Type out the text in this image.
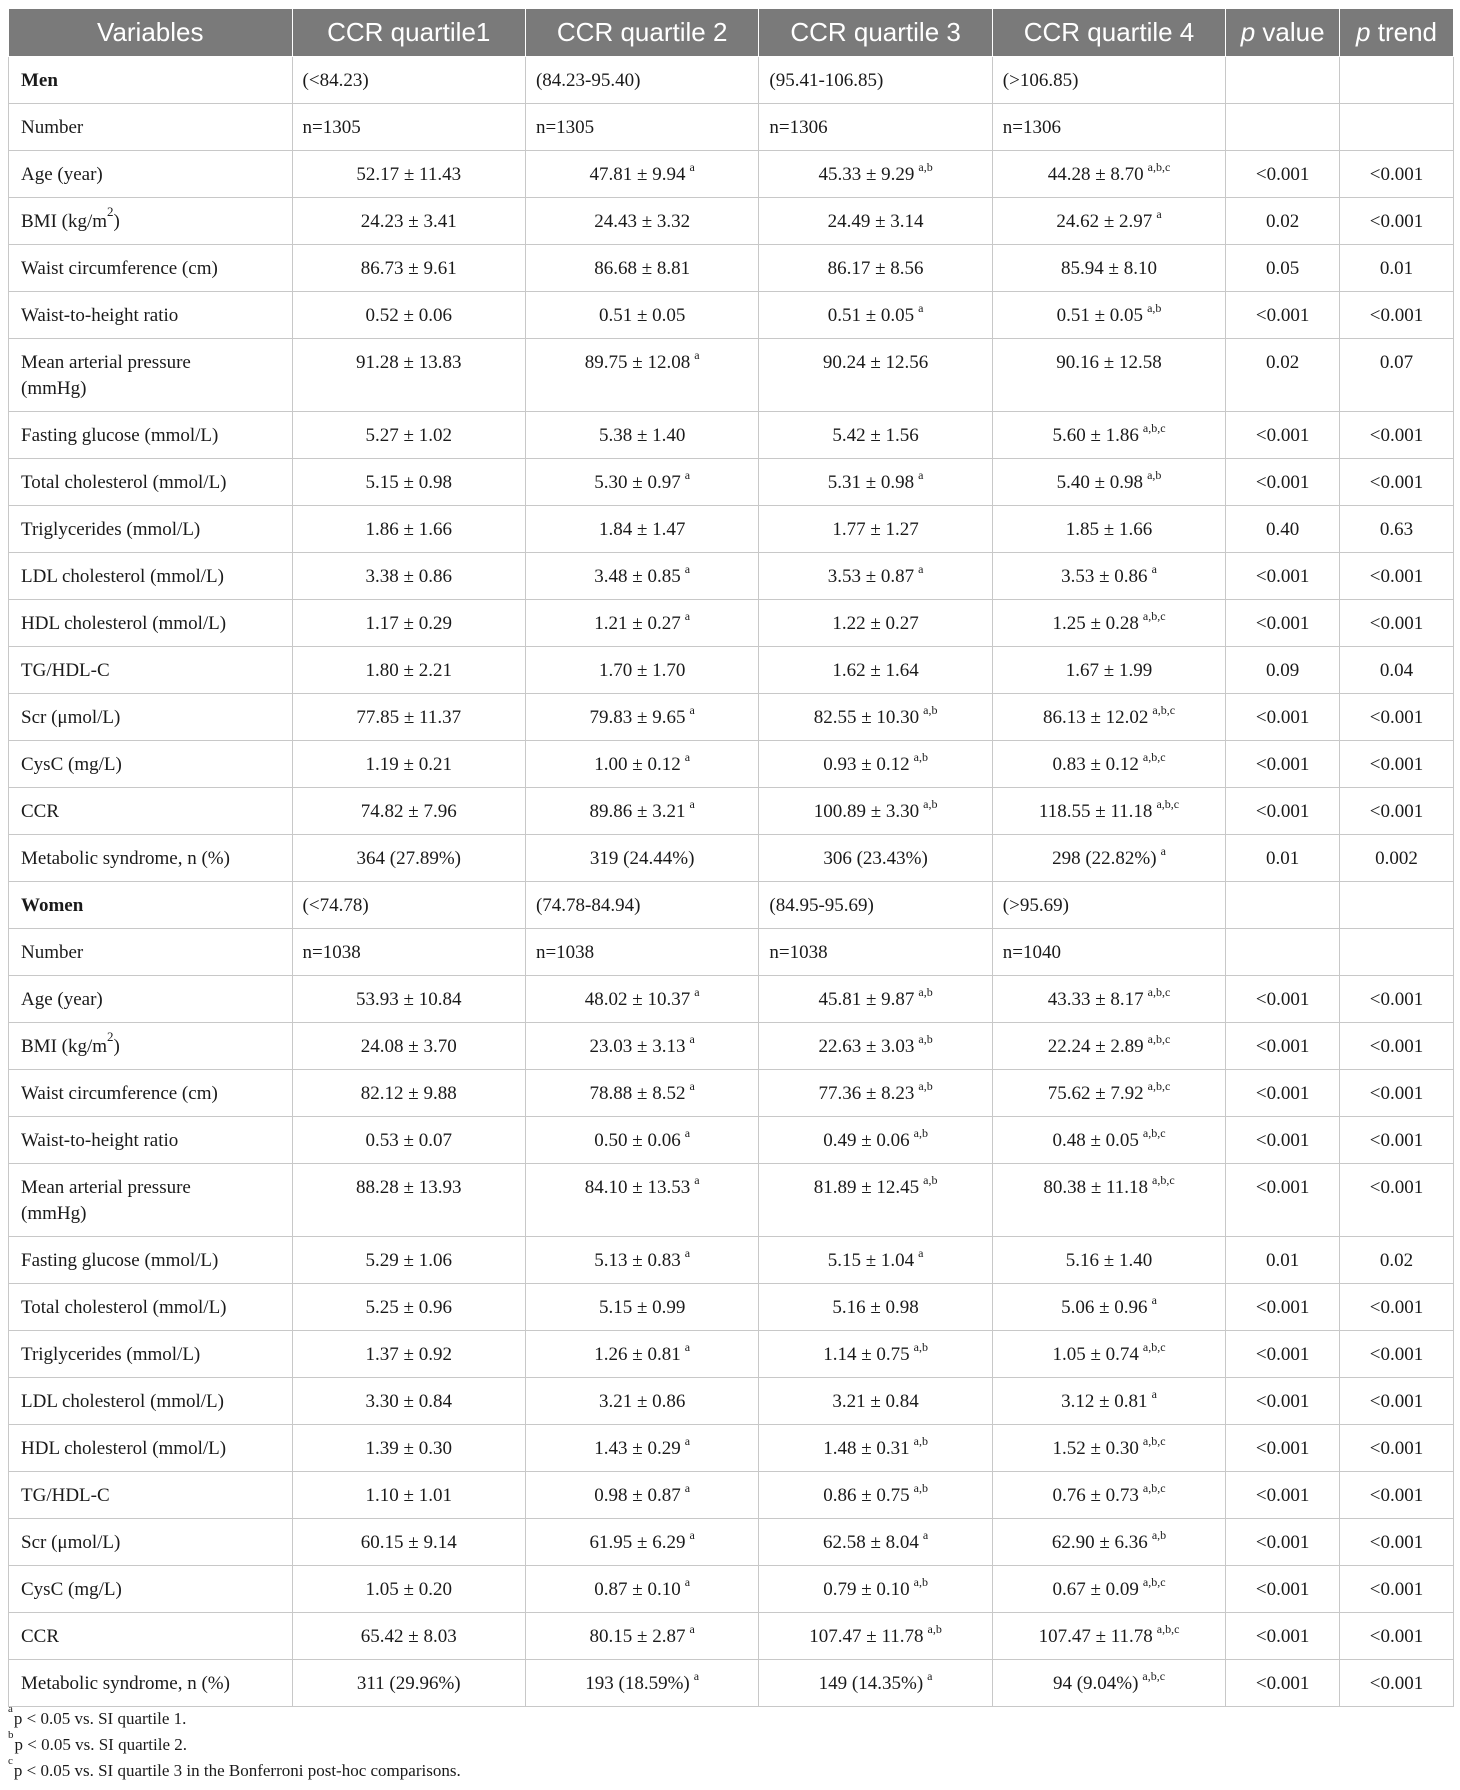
Variables	CCR quartile1	CCR quartile 2	CCR quartile 3	CCR quartile 4	p value	p trend
Men	(<84.23)	(84.23-95.40)	(95.41-106.85)	(>106.85)		
Number	n=1305	n=1305	n=1306	n=1306		
Age (year)	52.17 ± 11.43	47.81 ± 9.94 $^a$	45.33 ± 9.29 $^{a,b}$	44.28 ± 8.70 $^{a,b,c}$	<0.001	<0.001
BMI $(kg/m^2)$	24.23 ± 3.41	24.43 ± 3.32	24.49 ± 3.14	24.62 ± 2.97 $^a$	0.02	<0.001
Waist circumference (cm)	86.73 ± 9.61	86.68 ± 8.81	86.17 ± 8.56	85.94 ± 8.10	0.05	0.01
Waist-to-height ratio	0.52 ± 0.06	0.51 ± 0.05	0.51 ± 0.05 $^a$	0.51 ± 0.05 $^{a,b}$	<0.001	<0.001
Mean arterial pressure (mmHg)	91.28 ± 13.83	89.75 ± 12.08 $^a$	90.24 ± 12.56	90.16 ± 12.58	0.02	0.07
Fasting glucose (mmol/L)	5.27 ± 1.02	5.38 ± 1.40	5.42 ± 1.56	5.60 ± 1.86 $^{a,b,c}$	<0.001	<0.001
Total cholesterol (mmol/L)	5.15 ± 0.98	5.30 ± 0.97 $^a$	5.31 ± 0.98 $^a$	5.40 ± 0.98 $^{a,b}$	<0.001	<0.001
Triglycerides (mmol/L)	1.86 ± 1.66	1.84 ± 1.47	1.77 ± 1.27	1.85 ± 1.66	0.40	0.63
LDL cholesterol (mmol/L)	3.38 ± 0.86	3.48 ± 0.85 $^a$	3.53 ± 0.87 $^a$	3.53 ± 0.86 $^a$	<0.001	<0.001
HDL cholesterol (mmol/L)	1.17 ± 0.29	1.21 ± 0.27 $^a$	1.22 ± 0.27	1.25 ± 0.28 $^{a,b,c}$	<0.001	<0.001
TG/HDL-C	1.80 ± 2.21	1.70 ± 1.70	1.62 ± 1.64	1.67 ± 1.99	0.09	0.04
Scr (μmol/L)	77.85 ± 11.37	79.83 ± 9.65 $^a$	82.55 ± 10.30 $^{a,b}$	86.13 ± 12.02 $^{a,b,c}$	<0.001	<0.001
CysC (mg/L)	1.19 ± 0.21	1.00 ± 0.12 $^a$	0.93 ± 0.12 $^{a,b}$	0.83 ± 0.12 $^{a,b,c}$	<0.001	<0.001
CCR	74.82 ± 7.96	89.86 ± 3.21 $^a$	100.89 ± 3.30 $^{a,b}$	118.55 ± 11.18 $^{a,b,c}$	<0.001	<0.001
Metabolic syndrome, n (%)	364 (27.89%)	319 (24.44%)	306 (23.43%)	298 (22.82%) $^a$	0.01	0.002
Women	(<74.78)	(74.78-84.94)	(84.95-95.69)	(>95.69)		
Number	n=1038	n=1038	n=1038	n=1040		
Age (year)	53.93 ± 10.84	48.02 ± 10.37 $^a$	45.81 ± 9.87 $^{a,b}$	43.33 ± 8.17 $^{a,b,c}$	<0.001	<0.001
BMI $(kg/m^2)$	24.08 ± 3.70	23.03 ± 3.13 $^a$	22.63 ± 3.03 $^{a,b}$	22.24 ± 2.89 $^{a,b,c}$	<0.001	<0.001
Waist circumference (cm)	82.12 ± 9.88	78.88 ± 8.52 $^a$	77.36 ± 8.23 $^{a,b}$	75.62 ± 7.92 $^{a,b,c}$	<0.001	<0.001
Waist-to-height ratio	0.53 ± 0.07	0.50 ± 0.06 $^a$	0.49 ± 0.06 $^{a,b}$	0.48 ± 0.05 $^{a,b,c}$	<0.001	<0.001
Mean arterial pressure (mmHg)	88.28 ± 13.93	84.10 ± 13.53 $^a$	81.89 ± 12.45 $^{a,b}$	80.38 ± 11.18 $^{a,b,c}$	<0.001	<0.001
Fasting glucose (mmol/L)	5.29 ± 1.06	5.13 ± 0.83 $^a$	5.15 ± 1.04 $^a$	5.16 ± 1.40	0.01	0.02
Total cholesterol (mmol/L)	5.25 ± 0.96	5.15 ± 0.99	5.16 ± 0.98	5.06 ± 0.96 $^a$	<0.001	<0.001
Triglycerides (mmol/L)	1.37 ± 0.92	1.26 ± 0.81 $^a$	1.14 ± 0.75 $^{a,b}$	1.05 ± 0.74 $^{a,b,c}$	<0.001	<0.001
LDL cholesterol (mmol/L)	3.30 ± 0.84	3.21 ± 0.86	3.21 ± 0.84	3.12 ± 0.81 $^a$	<0.001	<0.001
HDL cholesterol (mmol/L)	1.39 ± 0.30	1.43 ± 0.29 $^a$	1.48 ± 0.31 $^{a,b}$	1.52 ± 0.30 $^{a,b,c}$	<0.001	<0.001
TG/HDL-C	1.10 ± 1.01	0.98 ± 0.87 $^a$	0.86 ± 0.75 $^{a,b}$	0.76 ± 0.73 $^{a,b,c}$	<0.001	<0.001
Scr (μmol/L)	60.15 ± 9.14	61.95 ± 6.29 $^a$	62.58 ± 8.04 $^a$	62.90 ± 6.36 $^{a,b}$	<0.001	<0.001
CysC (mg/L)	1.05 ± 0.20	0.87 ± 0.10 $^a$	0.79 ± 0.10 $^{a,b}$	0.67 ± 0.09 $^{a,b,c}$	<0.001	<0.001
CCR	65.42 ± 8.03	80.15 ± 2.87 $^a$	107.47 ± 11.78 $^{a,b}$	107.47 ± 11.78 $^{a,b,c}$	<0.001	<0.001
Metabolic syndrome, n (%)	311 (29.96%)	193 (18.59%) $^a$	149 (14.35%) $^a$	94 (9.04%) $^{a,b,c}$	<0.001	<0.001
$^a$p < 0.05 vs. SI quartile 1.
$^b$p < 0.05 vs. SI quartile 2.
$^c$p < 0.05 vs. SI quartile 3 in the Bonferroni post-hoc comparisons.
